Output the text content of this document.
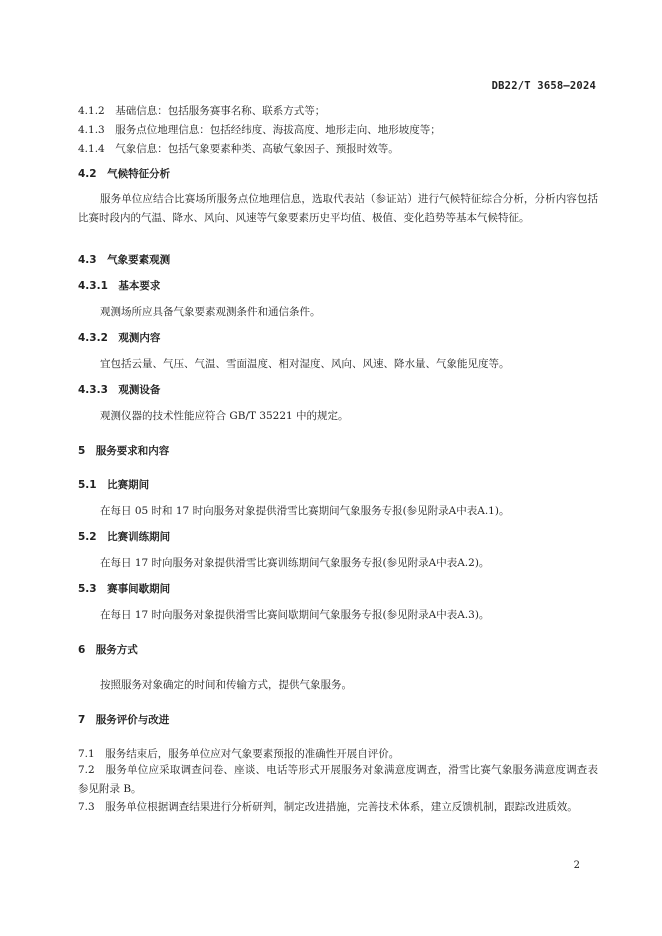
DB22/T 3658—2024
4.1.2　基础信息：包括服务赛事名称、联系方式等；
4.1.3　服务点位地理信息：包括经纬度、海拔高度、地形走向、地形坡度等；
4.1.4　气象信息：包括气象要素种类、高敏气象因子、预报时效等。
4.2　气候特征分析
服务单位应结合比赛场所服务点位地理信息，选取代表站（参证站）进行气候特征综合分析，分析内容包括比赛时段内的气温、降水、风向、风速等气象要素历史平均值、极值、变化趋势等基本气候特征。
4.3　气象要素观测
4.3.1　基本要求
观测场所应具备气象要素观测条件和通信条件。
4.3.2　观测内容
宜包括云量、气压、气温、雪面温度、相对湿度、风向、风速、降水量、气象能见度等。
4.3.3　观测设备
观测仪器的技术性能应符合 GB/T 35221 中的规定。
5　服务要求和内容
5.1　比赛期间
在每日 05 时和 17 时向服务对象提供滑雪比赛期间气象服务专报(参见附录A中表A.1)。
5.2　比赛训练期间
在每日 17 时向服务对象提供滑雪比赛训练期间气象服务专报(参见附录A中表A.2)。
5.3　赛事间歇期间
在每日 17 时向服务对象提供滑雪比赛间歇期间气象服务专报(参见附录A中表A.3)。
6　服务方式
按照服务对象确定的时间和传输方式，提供气象服务。
7　服务评价与改进
7.1　服务结束后，服务单位应对气象要素预报的准确性开展自评价。
7.2　服务单位应采取调查问卷、座谈、电话等形式开展服务对象满意度调查，滑雪比赛气象服务满意度调查表参见附录 B。
7.3　服务单位根据调查结果进行分析研判，制定改进措施，完善技术体系，建立反馈机制，跟踪改进质效。
2
